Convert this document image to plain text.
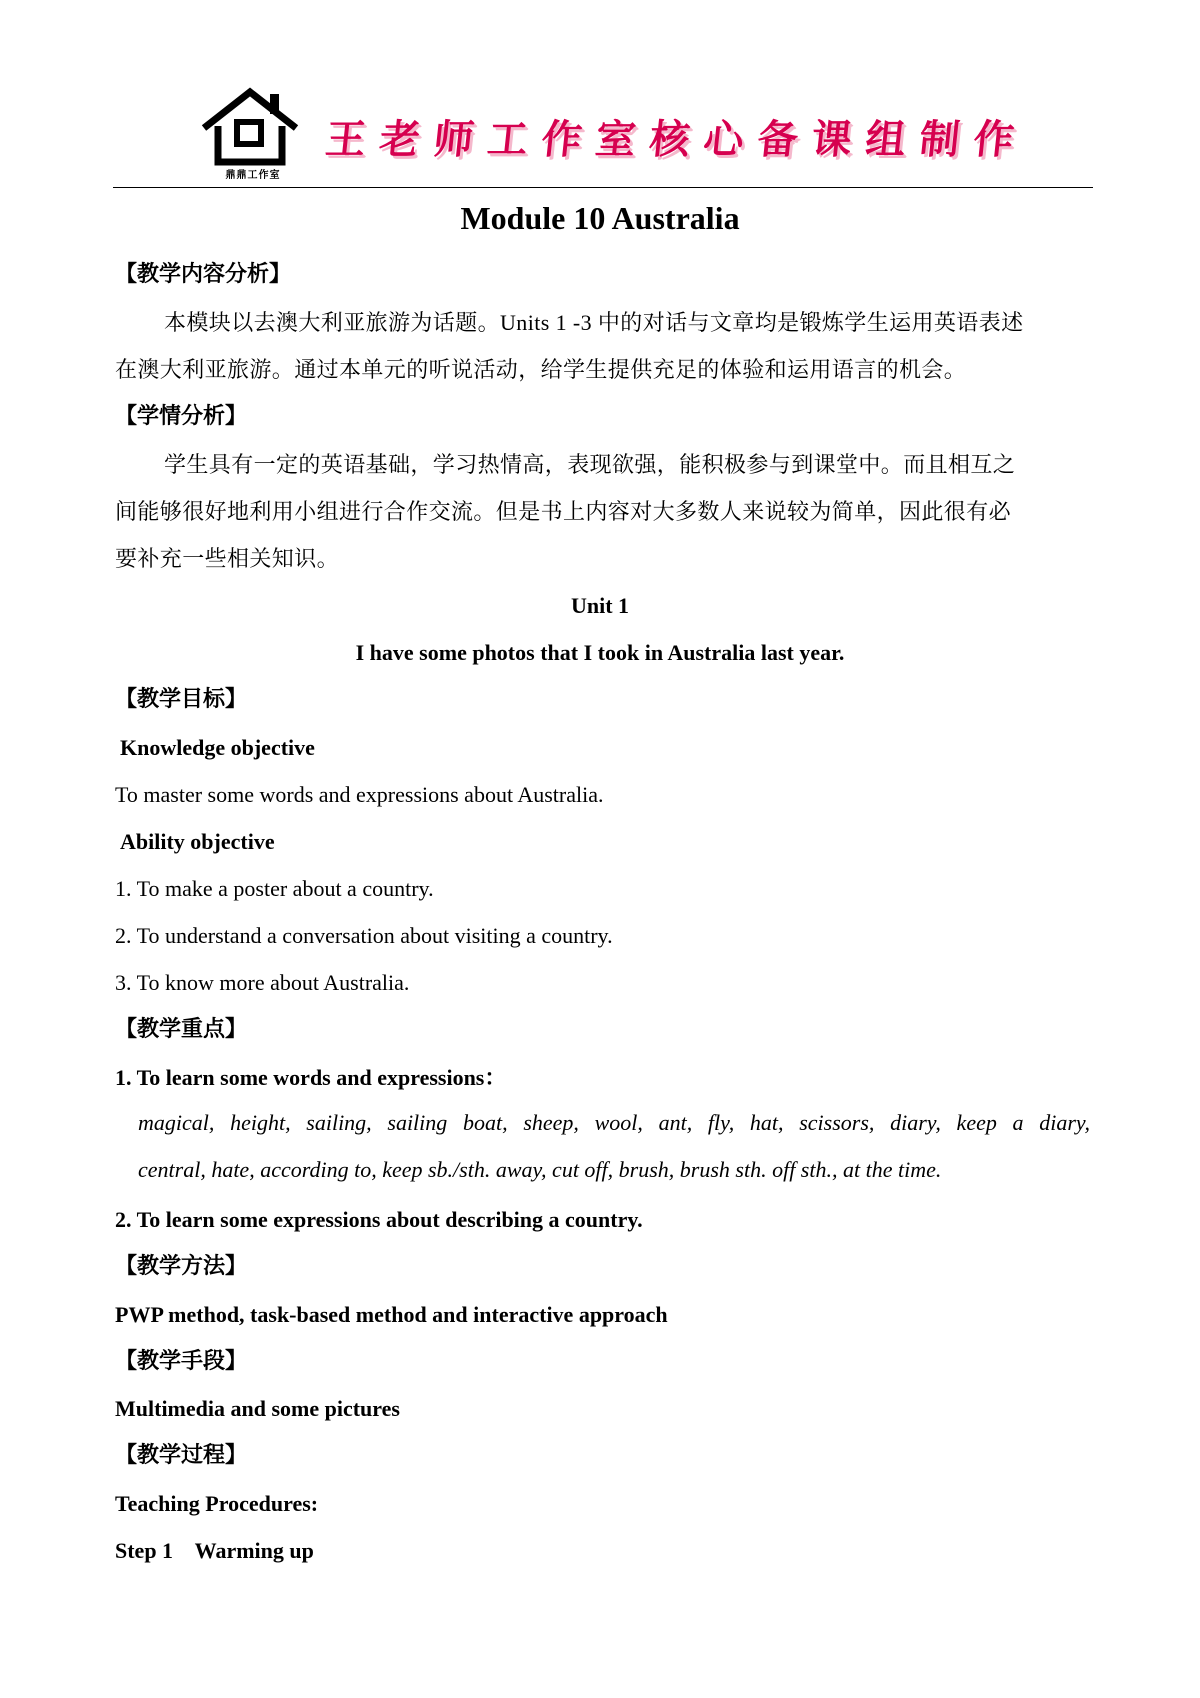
鼎鼎工作室
王老师工作室核心备课组制作
Module 10 Australia
【教学内容分析】
本模块以去澳大利亚旅游为话题。Units 1 -3 中的对话与文章均是锻炼学生运用英语表述
在澳大利亚旅游。通过本单元的听说活动，给学生提供充足的体验和运用语言的机会。
【学情分析】
学生具有一定的英语基础，学习热情高，表现欲强，能积极参与到课堂中。而且相互之
间能够很好地利用小组进行合作交流。但是书上内容对大多数人来说较为简单，因此很有必
要补充一些相关知识。
Unit 1
I have some photos that I took in Australia last year.
【教学目标】
Knowledge objective
To master some words and expressions about Australia.
Ability objective
1. To make a poster about a country.
2. To understand a conversation about visiting a country.
3. To know more about Australia.
【教学重点】
1. To learn some words and expressions：
magical, height, sailing, sailing boat, sheep, wool, ant, fly, hat, scissors, diary, keep a diary,
central, hate, according to, keep sb./sth. away, cut off, brush, brush sth. off sth., at the time.
2. To learn some expressions about describing a country.
【教学方法】
PWP method, task-based method and interactive approach
【教学手段】
Multimedia and some pictures
【教学过程】
Teaching Procedures:
Step 1    Warming up
